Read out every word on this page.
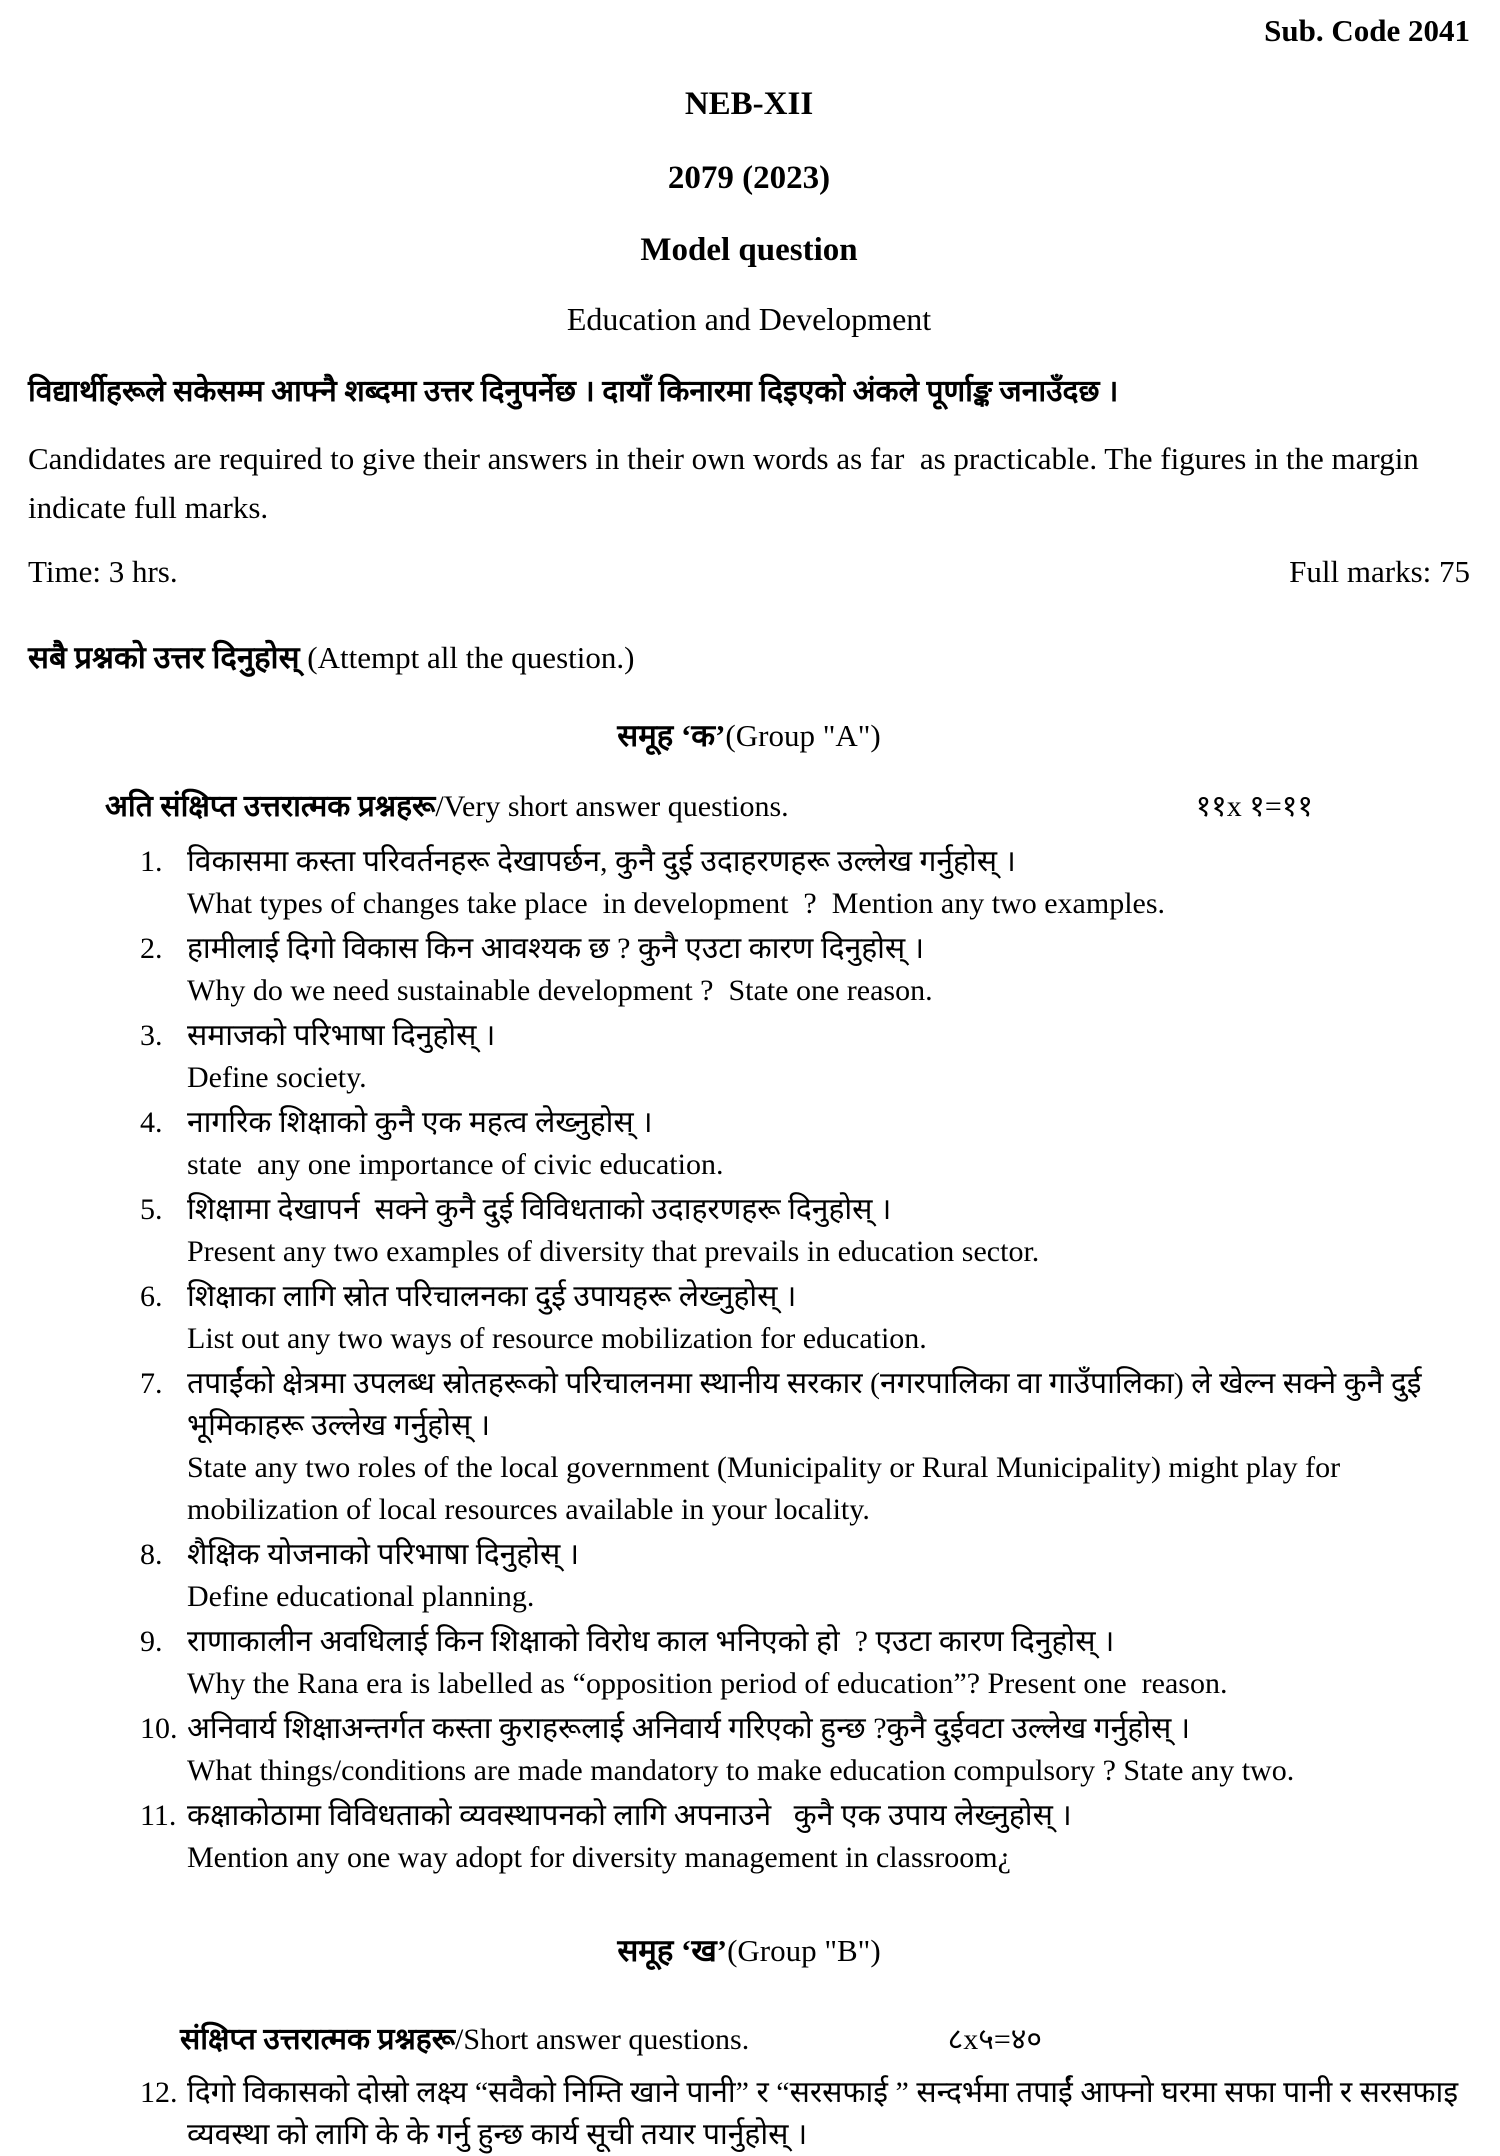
Sub. Code 2041
NEB-XII
2079 (2023)
Model question
Education and Development

विद्यार्थीहरूले सकेसम्म आफ्नै शब्दमा उत्तर दिनुपर्नेछ । दायाँ किनारमा दिइएको अंकले पूर्णाङ्क जनाउँदछ ।

Candidates are required to give their answers in their own words as far  as practicable. The figures in the margin indicate full marks.

Time: 3 hrs.	Full marks: 75

सबै प्रश्नको उत्तर दिनुहोस् (Attempt all the question.)

समूह ‘क’(Group "A")
अति संक्षिप्त उत्तरात्मक प्रश्नहरू/Very short answer questions.	११x १=११
1. विकासमा कस्ता परिवर्तनहरू देखापर्छन, कुनै दुई उदाहरणहरू उल्लेख गर्नुहोस् ।
What types of changes take place  in development  ?  Mention any two examples.
2. हामीलाई दिगो विकास किन आवश्यक छ ? कुनै एउटा कारण दिनुहोस् ।
Why do we need sustainable development ?  State one reason.
3. समाजको परिभाषा दिनुहोस् ।
Define society.
4. नागरिक शिक्षाको कुनै एक महत्व लेख्नुहोस् ।
state  any one importance of civic education.
5. शिक्षामा देखापर्न  सक्ने कुनै दुई विविधताको उदाहरणहरू दिनुहोस् ।
Present any two examples of diversity that prevails in education sector.
6. शिक्षाका लागि स्रोत परिचालनका दुई उपायहरू लेख्नुहोस् ।
List out any two ways of resource mobilization for education.
7. तपाईंको क्षेत्रमा उपलब्ध स्रोतहरूको परिचालनमा स्थानीय सरकार (नगरपालिका वा गाउँपालिका) ले खेल्न सक्ने कुनै दुई भूमिकाहरू उल्लेख गर्नुहोस् ।
State any two roles of the local government (Municipality or Rural Municipality) might play for mobilization of local resources available in your locality.
8. शैक्षिक योजनाको परिभाषा दिनुहोस् ।
Define educational planning.
9. राणाकालीन अवधिलाई किन शिक्षाको विरोध काल भनिएको हो  ? एउटा कारण दिनुहोस् ।
Why the Rana era is labelled as “opposition period of education”? Present one  reason.
10. अनिवार्य शिक्षाअन्तर्गत कस्ता कुराहरूलाई अनिवार्य गरिएको हुन्छ ?कुनै दुईवटा उल्लेख गर्नुहोस् ।
What things/conditions are made mandatory to make education compulsory ? State any two.
11. कक्षाकोठामा विविधताको व्यवस्थापनको लागि अपनाउने   कुनै एक उपाय लेख्नुहोस् ।
Mention any one way adopt for diversity management in classroom¿
समूह ‘ख’(Group "B")
संक्षिप्त उत्तरात्मक प्रश्नहरू/Short answer questions.	८x५=४०
12. दिगो विकासको दोस्रो लक्ष्य “सवैको निम्ति खाने पानी” र “सरसफाई ” सन्दर्भमा तपाईं आफ्नो घरमा सफा पानी र सरसफाइ व्यवस्था को लागि के के गर्नु हुन्छ कार्य सूची तयार पार्नुहोस् ।
